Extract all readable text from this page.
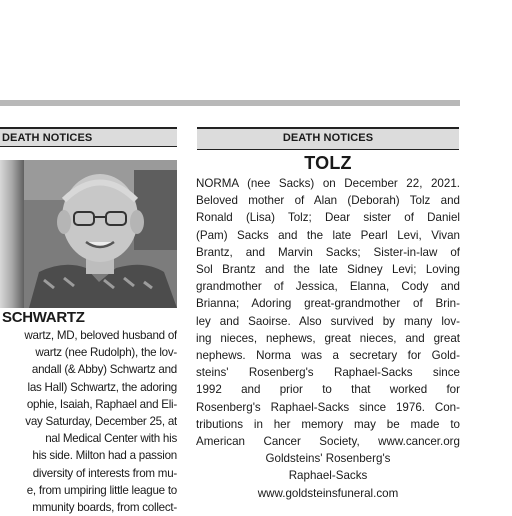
DEATH NOTICES
SCHWARTZ
wartz, MD, beloved husband of
wartz (nee Rudolph), the lov-
andall (& Abby) Schwartz and
las Hall) Schwartz, the adoring
ophie, Isaiah, Raphael and Eli-
vay Saturday, December 25, at
nal Medical Center with his
his side. Milton had a passion
diversity of interests from mu-
e, from umpiring little league to
mmunity boards, from collect-
DEATH NOTICES
TOLZ
NORMA (nee Sacks) on December 22, 2021.
Beloved mother of Alan (Deborah) Tolz and
Ronald (Lisa) Tolz; Dear sister of Daniel
(Pam) Sacks and the late Pearl Levi, Vivan
Brantz, and Marvin Sacks; Sister-in-law of
Sol Brantz and the late Sidney Levi; Loving
grandmother of Jessica, Elanna, Cody and
Brianna; Adoring great-grandmother of Brin-
ley and Saoirse. Also survived by many lov-
ing nieces, nephews, great nieces, and great
nephews. Norma was a secretary for Gold-
steins' Rosenberg's Raphael-Sacks since
1992 and prior to that worked for
Rosenberg's Raphael-Sacks since 1976. Con-
tributions in her memory may be made to
American Cancer Society, www.cancer.org
Goldsteins' Rosenberg's
Raphael-Sacks
www.goldsteinsfuneral.com
